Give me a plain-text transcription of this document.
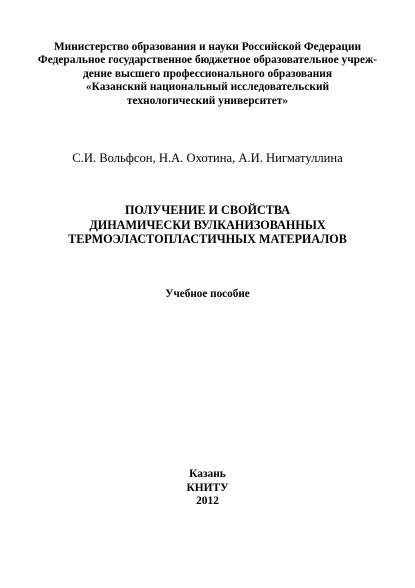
Министерство образования и науки Российской Федерации
Федеральное государственное бюджетное образовательное учреж-
дение высшего профессионального образования
«Казанский национальный исследовательский
технологический университет»
С.И. Вольфсон, Н.А. Охотина, А.И. Нигматуллина
ПОЛУЧЕНИЕ И СВОЙСТВА
ДИНАМИЧЕСКИ ВУЛКАНИЗОВАННЫХ
ТЕРМОЭЛАСТОПЛАСТИЧНЫХ МАТЕРИАЛОВ
Учебное пособие
Казань
КНИТУ
2012
